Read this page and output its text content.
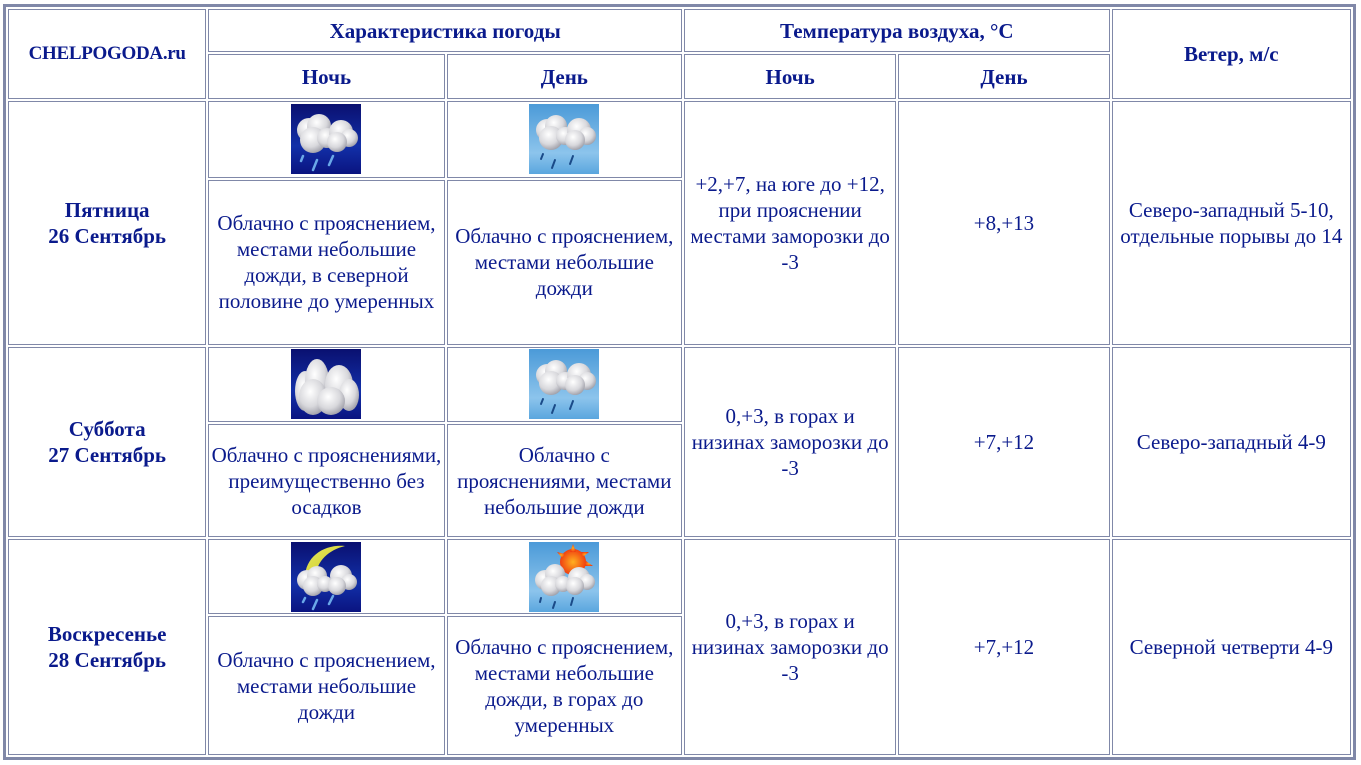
CHELPOGODA.ru	Характеристика погоды		Температура воздуха, °C		Ветер, м/с
	Ночь	День	Ночь	День	

Пятница
26 Сентябрь			+2,+7, на юге до +12, при прояснении местами заморозки до -3	+8,+13	Северо-западный 5-10, отдельные порывы до 14
	Облачно с прояснением, местами небольшие дожди, в северной половине до умеренных	Облачно с прояснением, местами небольшие дожди			

Суббота
27 Сентябрь			0,+3, в горах и низинах заморозки до -3	+7,+12	Северо-западный 4-9
	Облачно с прояснениями, преимущественно без осадков	Облачно с прояснениями, местами небольшие дожди			

Воскресенье
28 Сентябрь			0,+3, в горах и низинах заморозки до -3	+7,+12	Северной четверти 4-9
	Облачно с прояснением, местами небольшие дожди	Облачно с прояснением, местами небольшие дожди, в горах до умеренных			
